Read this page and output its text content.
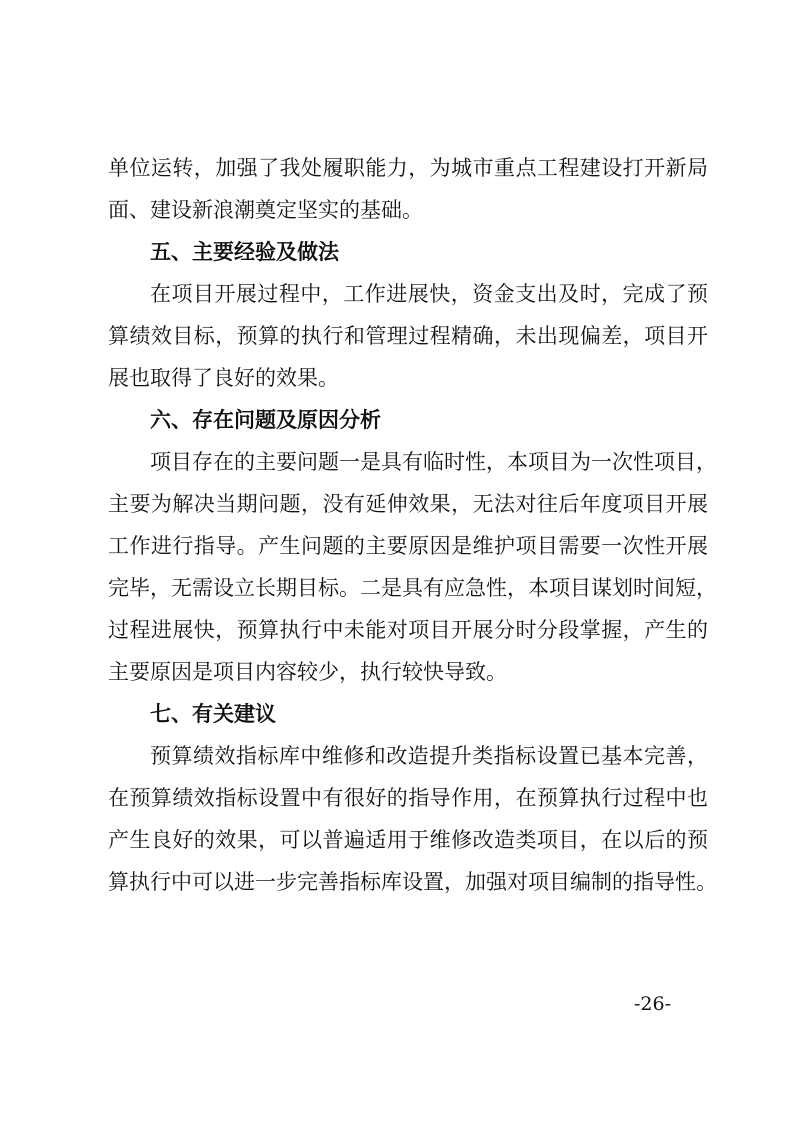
单位运转，加强了我处履职能力，为城市重点工程建设打开新局
面、建设新浪潮奠定坚实的基础。
五、主要经验及做法
在项目开展过程中，工作进展快，资金支出及时，完成了预
算绩效目标，预算的执行和管理过程精确，未出现偏差，项目开
展也取得了良好的效果。
六、存在问题及原因分析
项目存在的主要问题一是具有临时性，本项目为一次性项目，
主要为解决当期问题，没有延伸效果，无法对往后年度项目开展
工作进行指导。产生问题的主要原因是维护项目需要一次性开展
完毕，无需设立长期目标。二是具有应急性，本项目谋划时间短，
过程进展快，预算执行中未能对项目开展分时分段掌握，产生的
主要原因是项目内容较少，执行较快导致。
七、有关建议
预算绩效指标库中维修和改造提升类指标设置已基本完善，
在预算绩效指标设置中有很好的指导作用，在预算执行过程中也
产生良好的效果，可以普遍适用于维修改造类项目，在以后的预
算执行中可以进一步完善指标库设置，加强对项目编制的指导性。
-26-
